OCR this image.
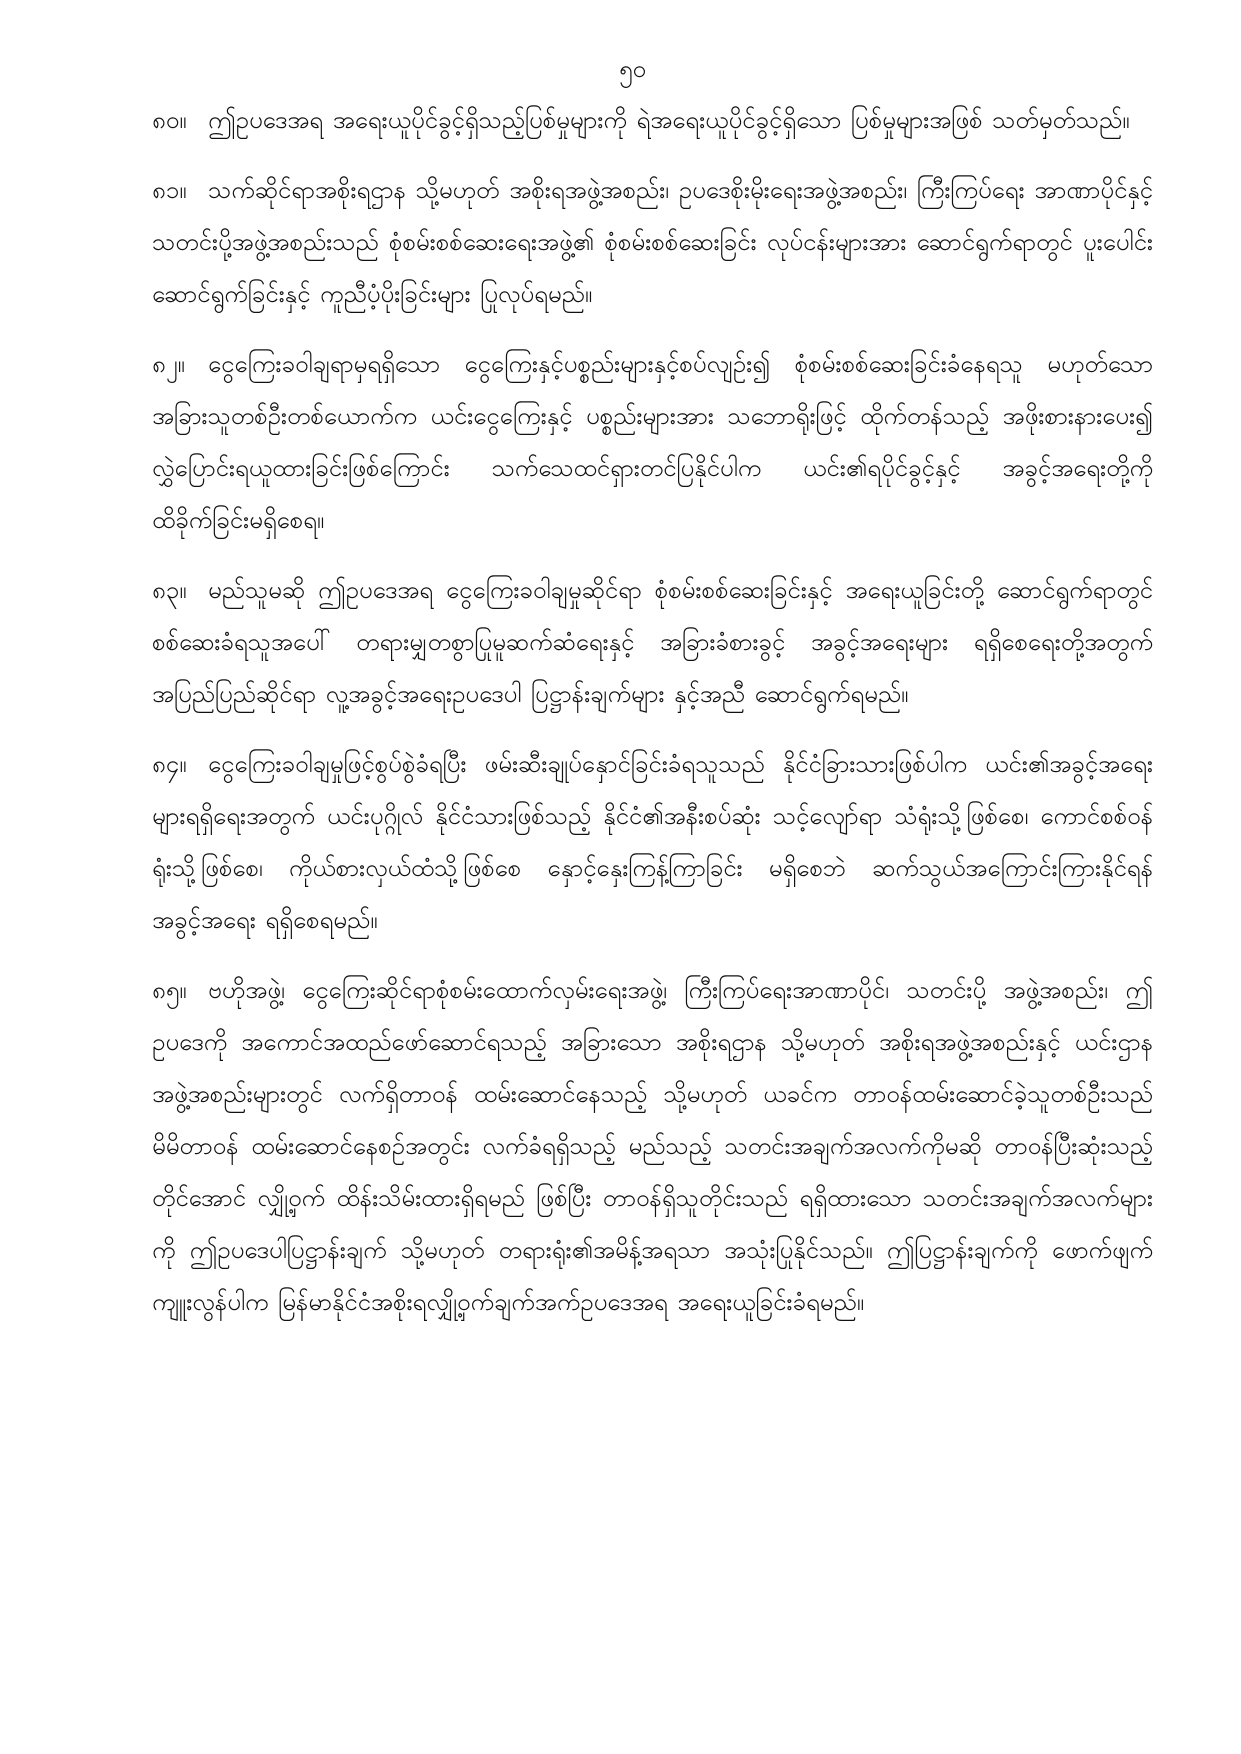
၅၀

၈၀။ ဤဥပဒေအရ အရေးယူပိုင်ခွင့်ရှိသည့်ပြစ်မှုများကို ရဲအရေးယူပိုင်ခွင့်ရှိသော ပြစ်မှုများအဖြစ် သတ်မှတ်သည်။

၈၁။ သက်ဆိုင်ရာအစိုးရဌာန သို့မဟုတ် အစိုးရအဖွဲ့အစည်း၊ ဥပဒေစိုးမိုးရေးအဖွဲ့အစည်း၊ ကြီးကြပ်ရေး အာဏာပိုင်နှင့် သတင်းပို့အဖွဲ့အစည်းသည် စုံစမ်းစစ်ဆေးရေးအဖွဲ့၏ စုံစမ်းစစ်ဆေးခြင်း လုပ်ငန်းများအား ဆောင်ရွက်ရာတွင် ပူးပေါင်းဆောင်ရွက်ခြင်းနှင့် ကူညီပံ့ပိုးခြင်းများ ပြုလုပ်ရမည်။

၈၂။ ငွေကြေးခဝါချရာမှရရှိသော ငွေကြေးနှင့်ပစ္စည်းများနှင့်စပ်လျဉ်း၍ စုံစမ်းစစ်ဆေးခြင်းခံနေရသူ မဟုတ်သော အခြားသူတစ်ဦးတစ်ယောက်က ယင်းငွေကြေးနှင့် ပစ္စည်းများအား သဘောရိုးဖြင့် ထိုက်တန်သည့် အဖိုးစားနားပေး၍ လွှဲပြောင်းရယူထားခြင်းဖြစ်ကြောင်း သက်သေထင်ရှားတင်ပြနိုင်ပါက ယင်း၏ရပိုင်ခွင့်နှင့် အခွင့်အရေးတို့ကို ထိခိုက်ခြင်းမရှိစေရ။

၈၃။ မည်သူမဆို ဤဥပဒေအရ ငွေကြေးခဝါချမှုဆိုင်ရာ စုံစမ်းစစ်ဆေးခြင်းနှင့် အရေးယူခြင်းတို့ ဆောင်ရွက်ရာတွင် စစ်ဆေးခံရသူအပေါ် တရားမျှတစွာပြုမူဆက်ဆံရေးနှင့် အခြားခံစားခွင့် အခွင့်အရေးများ ရရှိစေရေးတို့အတွက် အပြည်ပြည်ဆိုင်ရာ လူ့အခွင့်အရေးဥပဒေပါ ပြဋ္ဌာန်းချက်များ နှင့်အညီ ဆောင်ရွက်ရမည်။

၈၄။ ငွေကြေးခဝါချမှုဖြင့်စွပ်စွဲခံရပြီး ဖမ်းဆီးချုပ်နှောင်ခြင်းခံရသူသည် နိုင်ငံခြားသားဖြစ်ပါက ယင်း၏အခွင့်အရေးများရရှိရေးအတွက် ယင်းပုဂ္ဂိုလ် နိုင်ငံသားဖြစ်သည့် နိုင်ငံ၏အနီးစပ်ဆုံး သင့်လျော်ရာ သံရုံးသို့ဖြစ်စေ၊ ကောင်စစ်ဝန်ရုံးသို့ဖြစ်စေ၊ ကိုယ်စားလှယ်ထံသို့ဖြစ်စေ နှောင့်နှေးကြန့်ကြာခြင်း မရှိစေဘဲ ဆက်သွယ်အကြောင်းကြားနိုင်ရန် အခွင့်အရေး ရရှိစေရမည်။

၈၅။ ဗဟိုအဖွဲ့၊ ငွေကြေးဆိုင်ရာစုံစမ်းထောက်လှမ်းရေးအဖွဲ့၊ ကြီးကြပ်ရေးအာဏာပိုင်၊ သတင်းပို့ အဖွဲ့အစည်း၊ ဤဥပဒေကို အကောင်အထည်ဖော်ဆောင်ရသည့် အခြားသော အစိုးရဌာန သို့မဟုတ် အစိုးရအဖွဲ့အစည်းနှင့် ယင်းဌာနအဖွဲ့အစည်းများတွင် လက်ရှိတာဝန် ထမ်းဆောင်နေသည့် သို့မဟုတ် ယခင်က တာဝန်ထမ်းဆောင်ခဲ့သူတစ်ဦးသည် မိမိတာဝန် ထမ်းဆောင်နေစဉ်အတွင်း လက်ခံရရှိသည့် မည်သည့် သတင်းအချက်အလက်ကိုမဆို တာဝန်ပြီးဆုံးသည့်တိုင်အောင် လျှို့ဝှက် ထိန်းသိမ်းထားရှိရမည် ဖြစ်ပြီး တာဝန်ရှိသူတိုင်းသည် ရရှိထားသော သတင်းအချက်အလက်များကို ဤဥပဒေပါပြဋ္ဌာန်းချက် သို့မဟုတ် တရားရုံး၏အမိန့်အရသာ အသုံးပြုနိုင်သည်။ ဤပြဋ္ဌာန်းချက်ကို ဖောက်ဖျက်ကျူးလွန်ပါက မြန်မာနိုင်ငံအစိုးရလျှို့ဝှက်ချက်အက်ဥပဒေအရ အရေးယူခြင်းခံရမည်။
